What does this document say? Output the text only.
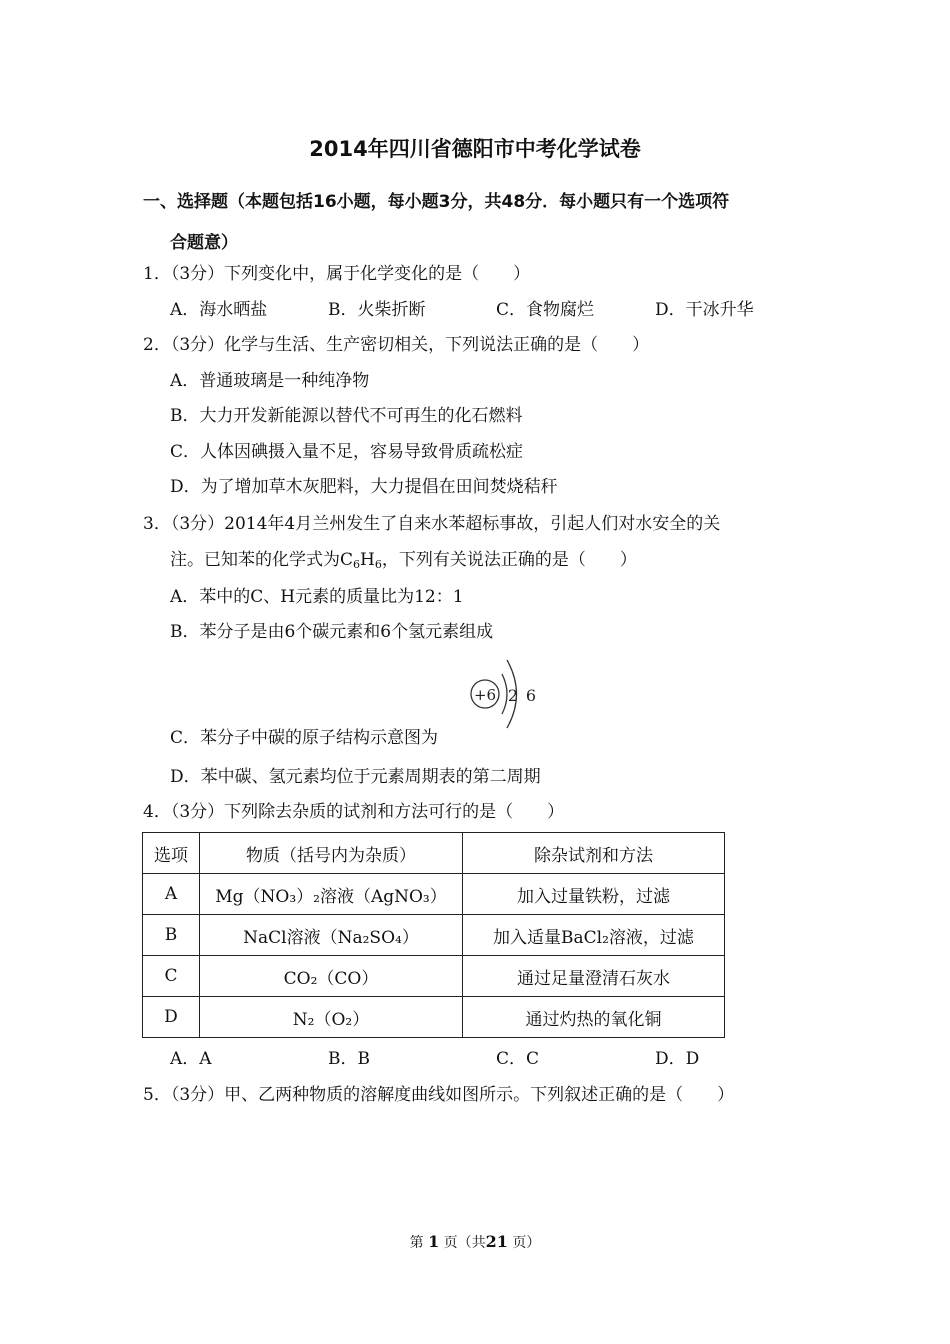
2014年四川省德阳市中考化学试卷
一、选择题（本题包括16小题，每小题3分，共48分．每小题只有一个选项符
合题意）
1．（3分）下列变化中，属于化学变化的是（　　）
A．海水晒盐	B．火柴折断	C．食物腐烂	D．干冰升华
2．（3分）化学与生活、生产密切相关，下列说法正确的是（　　）
A．普通玻璃是一种纯净物
B．大力开发新能源以替代不可再生的化石燃料
C．人体因碘摄入量不足，容易导致骨质疏松症
D．为了增加草木灰肥料，大力提倡在田间焚烧秸秆
3．（3分）2014年4月兰州发生了自来水苯超标事故，引起人们对水安全的关
注。已知苯的化学式为$C_6H_6$，下列有关说法正确的是（　　）
A．苯中的C、H元素的质量比为12：1
B．苯分子是由6个碳元素和6个氢元素组成
+6 2 6
C．苯分子中碳的原子结构示意图为
D．苯中碳、氢元素均位于元素周期表的第二周期
4．（3分）下列除去杂质的试剂和方法可行的是（　　）
选项	物质（括号内为杂质）	除杂试剂和方法
A	Mg（NO₃）₂溶液（AgNO₃）	加入过量铁粉，过滤
B	NaCl溶液（Na₂SO₄）	加入适量BaCl₂溶液，过滤
C	CO₂（CO）	通过足量澄清石灰水
D	N₂（O₂）	通过灼热的氧化铜
A．A	B．B	C．C	D．D
5．（3分）甲、乙两种物质的溶解度曲线如图所示。下列叙述正确的是（　　）
第 1 页（共21 页）
